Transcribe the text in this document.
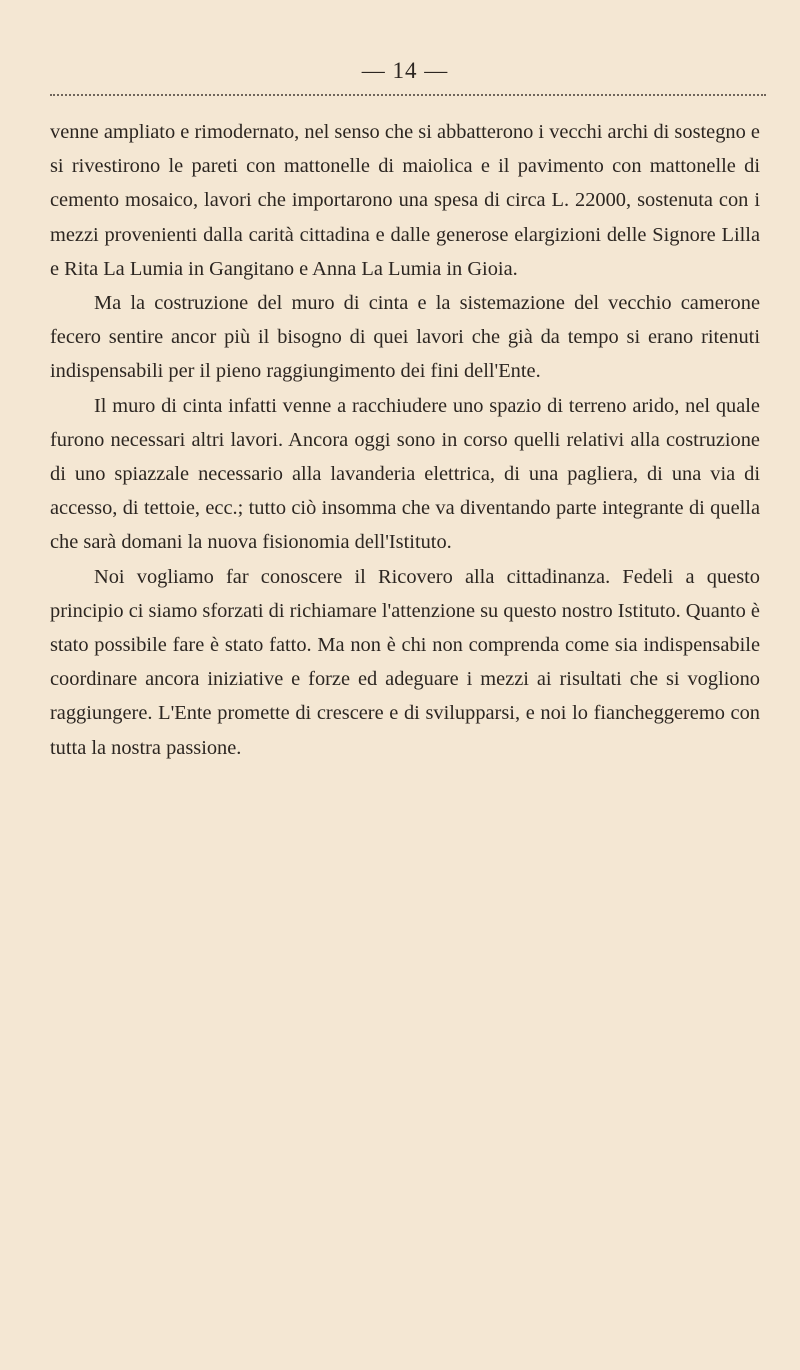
— 14 —

venne ampliato e rimodernato, nel senso che si abbatterono i vecchi archi di sostegno e si rivestirono le pareti con mattonelle di maiolica e il pavimento con mattonelle di cemento mosaico, lavori che importarono una spesa di circa L. 22000, sostenuta con i mezzi provenienti dalla carità cittadina e dalle generose elargizioni delle Signore Lilla e Rita La Lumia in Gangitano e Anna La Lumia in Gioia.

Ma la costruzione del muro di cinta e la sistemazione del vecchio camerone fecero sentire ancor più il bisogno di quei lavori che già da tempo si erano ritenuti indispensabili per il pieno raggiungimento dei fini dell'Ente.

Il muro di cinta infatti venne a racchiudere uno spazio di terreno arido, nel quale furono necessari altri lavori. Ancora oggi sono in corso quelli relativi alla costruzione di uno spiazzale necessario alla lavanderia elettrica, di una pagliera, di una via di accesso, di tettoie, ecc.; tutto ciò insomma che va diventando parte integrante di quella che sarà domani la nuova fisionomia dell'Istituto.

Noi vogliamo far conoscere il Ricovero alla cittadinanza. Fedeli a questo principio ci siamo sforzati di richiamare l'attenzione su questo nostro Istituto. Quanto è stato possibile fare è stato fatto. Ma non è chi non comprenda come sia indispensabile coordinare ancora iniziative e forze ed adeguare i mezzi ai risultati che si vogliono raggiungere. L'Ente promette di crescere e di svilupparsi, e noi lo fiancheggeremo con tutta la nostra passione.
